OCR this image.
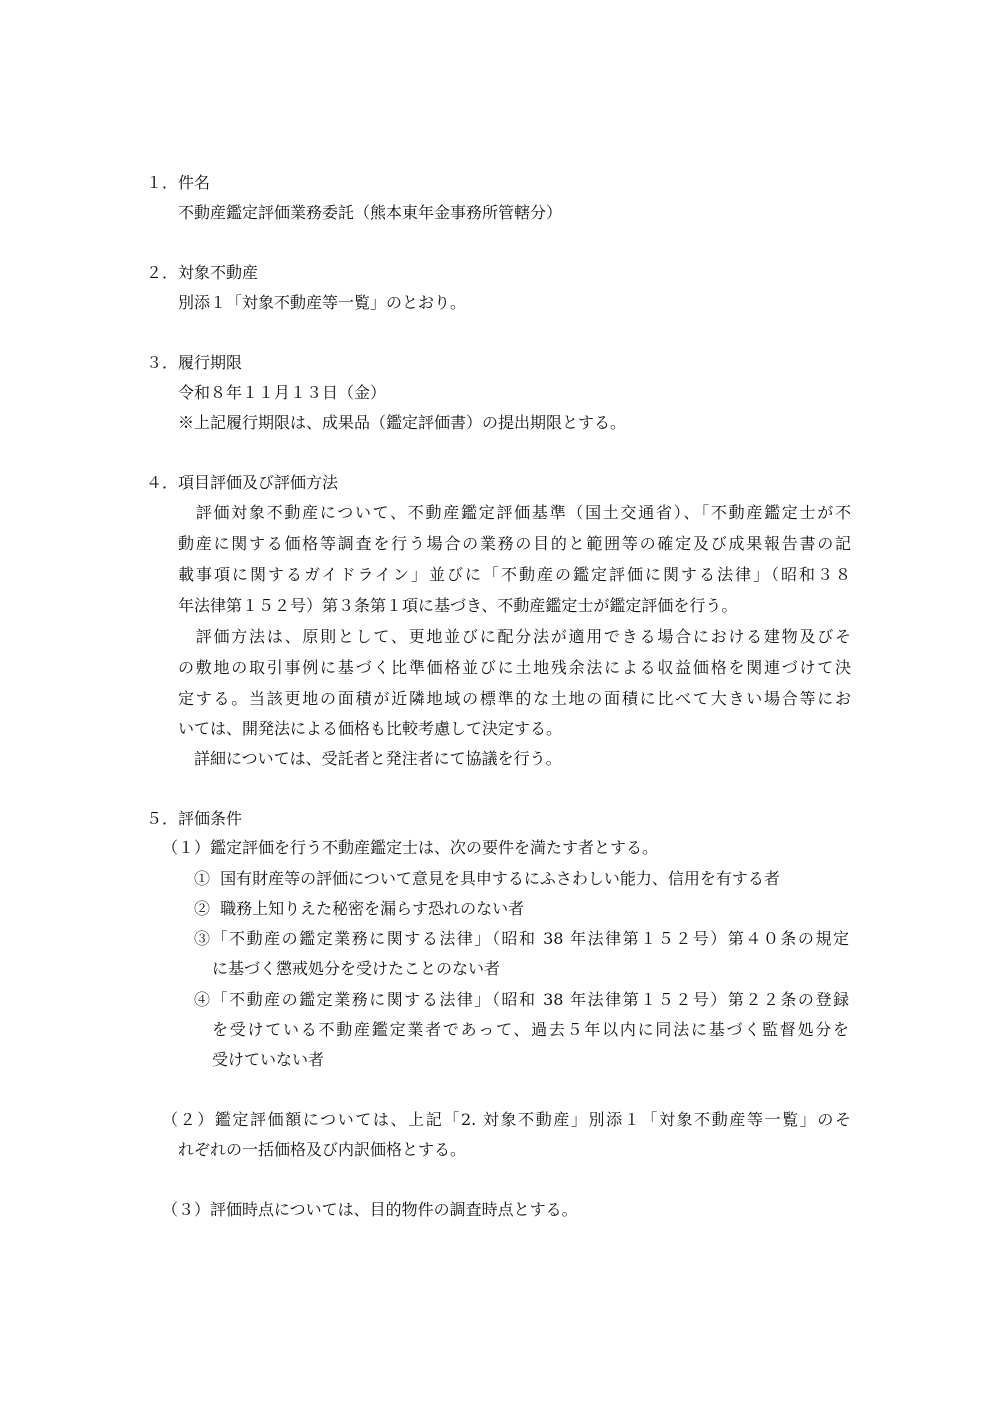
１．件名

不動産鑑定評価業務委託（熊本東年金事務所管轄分）

２．対象不動産

別添１「対象不動産等一覧」のとおり。

３．履行期限

令和８年１１月１３日（金）

※上記履行期限は、成果品（鑑定評価書）の提出期限とする。

４．項目評価及び評価方法

　評価対象不動産について、不動産鑑定評価基準（国土交通省）、「不動産鑑定士が不

動産に関する価格等調査を行う場合の業務の目的と範囲等の確定及び成果報告書の記

載事項に関するガイドライン」並びに「不動産の鑑定評価に関する法律」（昭和３８

年法律第１５２号）第３条第１項に基づき、不動産鑑定士が鑑定評価を行う。

　評価方法は、原則として、更地並びに配分法が適用できる場合における建物及びそ

の敷地の取引事例に基づく比準価格並びに土地残余法による収益価格を関連づけて決

定する。当該更地の面積が近隣地域の標準的な土地の面積に比べて大きい場合等にお

いては、開発法による価格も比較考慮して決定する。

　詳細については、受託者と発注者にて協議を行う。

５．評価条件

（１）鑑定評価を行う不動産鑑定士は、次の要件を満たす者とする。

①  国有財産等の評価について意見を具申するにふさわしい能力、信用を有する者

②  職務上知りえた秘密を漏らす恐れのない者

③「不動産の鑑定業務に関する法律」（昭和 38 年法律第１５２号）第４０条の規定

に基づく懲戒処分を受けたことのない者

④「不動産の鑑定業務に関する法律」（昭和 38 年法律第１５２号）第２２条の登録

を受けている不動産鑑定業者であって、過去５年以内に同法に基づく監督処分を

受けていない者

（２）鑑定評価額については、上記「2. 対象不動産」別添１「対象不動産等一覧」のそ

れぞれの一括価格及び内訳価格とする。

（３）評価時点については、目的物件の調査時点とする。
